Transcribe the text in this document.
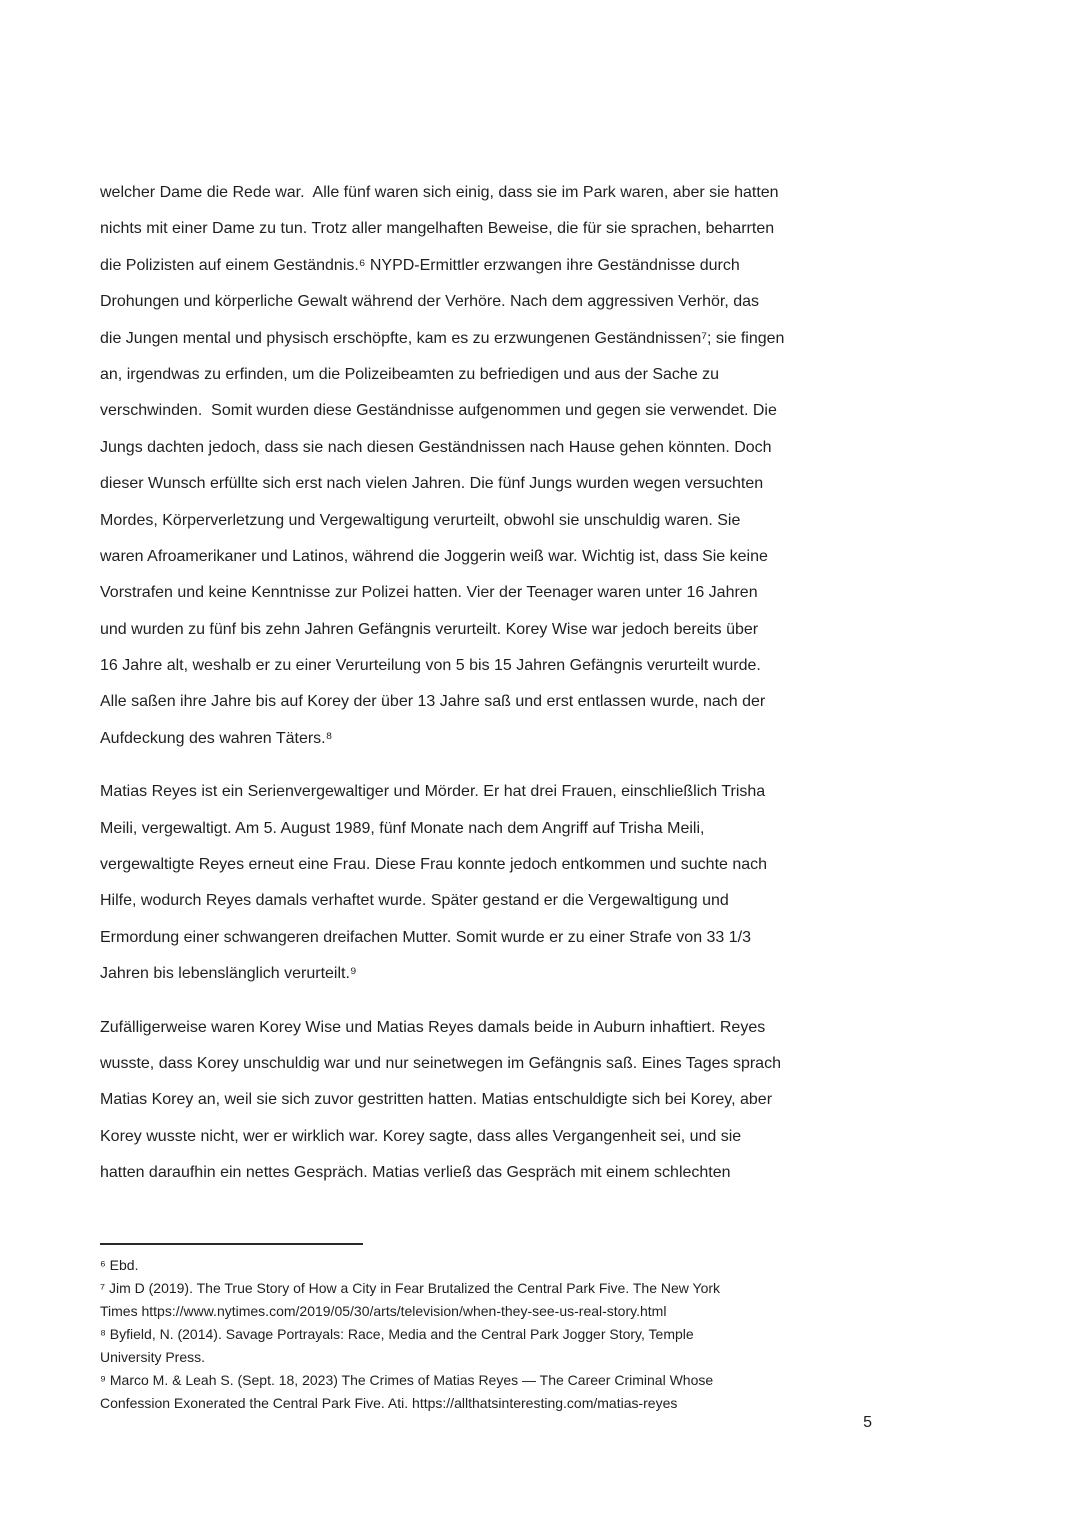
welcher Dame die Rede war.  Alle fünf waren sich einig, dass sie im Park waren, aber sie hatten
nichts mit einer Dame zu tun. Trotz aller mangelhaften Beweise, die für sie sprachen, beharrten
die Polizisten auf einem Geständnis.⁶ NYPD-Ermittler erzwangen ihre Geständnisse durch
Drohungen und körperliche Gewalt während der Verhöre. Nach dem aggressiven Verhör, das
die Jungen mental und physisch erschöpfte, kam es zu erzwungenen Geständnissen⁷; sie fingen
an, irgendwas zu erfinden, um die Polizeibeamten zu befriedigen und aus der Sache zu
verschwinden.  Somit wurden diese Geständnisse aufgenommen und gegen sie verwendet. Die
Jungs dachten jedoch, dass sie nach diesen Geständnissen nach Hause gehen könnten. Doch
dieser Wunsch erfüllte sich erst nach vielen Jahren. Die fünf Jungs wurden wegen versuchten
Mordes, Körperverletzung und Vergewaltigung verurteilt, obwohl sie unschuldig waren. Sie
waren Afroamerikaner und Latinos, während die Joggerin weiß war. Wichtig ist, dass Sie keine
Vorstrafen und keine Kenntnisse zur Polizei hatten. Vier der Teenager waren unter 16 Jahren
und wurden zu fünf bis zehn Jahren Gefängnis verurteilt. Korey Wise war jedoch bereits über
16 Jahre alt, weshalb er zu einer Verurteilung von 5 bis 15 Jahren Gefängnis verurteilt wurde.
Alle saßen ihre Jahre bis auf Korey der über 13 Jahre saß und erst entlassen wurde, nach der
Aufdeckung des wahren Täters.⁸
Matias Reyes ist ein Serienvergewaltiger und Mörder. Er hat drei Frauen, einschließlich Trisha
Meili, vergewaltigt. Am 5. August 1989, fünf Monate nach dem Angriff auf Trisha Meili,
vergewaltigte Reyes erneut eine Frau. Diese Frau konnte jedoch entkommen und suchte nach
Hilfe, wodurch Reyes damals verhaftet wurde. Später gestand er die Vergewaltigung und
Ermordung einer schwangeren dreifachen Mutter. Somit wurde er zu einer Strafe von 33 1/3
Jahren bis lebenslänglich verurteilt.⁹
Zufälligerweise waren Korey Wise und Matias Reyes damals beide in Auburn inhaftiert. Reyes
wusste, dass Korey unschuldig war und nur seinetwegen im Gefängnis saß. Eines Tages sprach
Matias Korey an, weil sie sich zuvor gestritten hatten. Matias entschuldigte sich bei Korey, aber
Korey wusste nicht, wer er wirklich war. Korey sagte, dass alles Vergangenheit sei, und sie
hatten daraufhin ein nettes Gespräch. Matias verließ das Gespräch mit einem schlechten
⁶ Ebd.
⁷ Jim D (2019). The True Story of How a City in Fear Brutalized the Central Park Five. The New York
Times https://www.nytimes.com/2019/05/30/arts/television/when-they-see-us-real-story.html
⁸ Byfield, N. (2014). Savage Portrayals: Race, Media and the Central Park Jogger Story, Temple
University Press.
⁹ Marco M. & Leah S. (Sept. 18, 2023) The Crimes of Matias Reyes — The Career Criminal Whose
Confession Exonerated the Central Park Five. Ati. https://allthatsinteresting.com/matias-reyes
5
